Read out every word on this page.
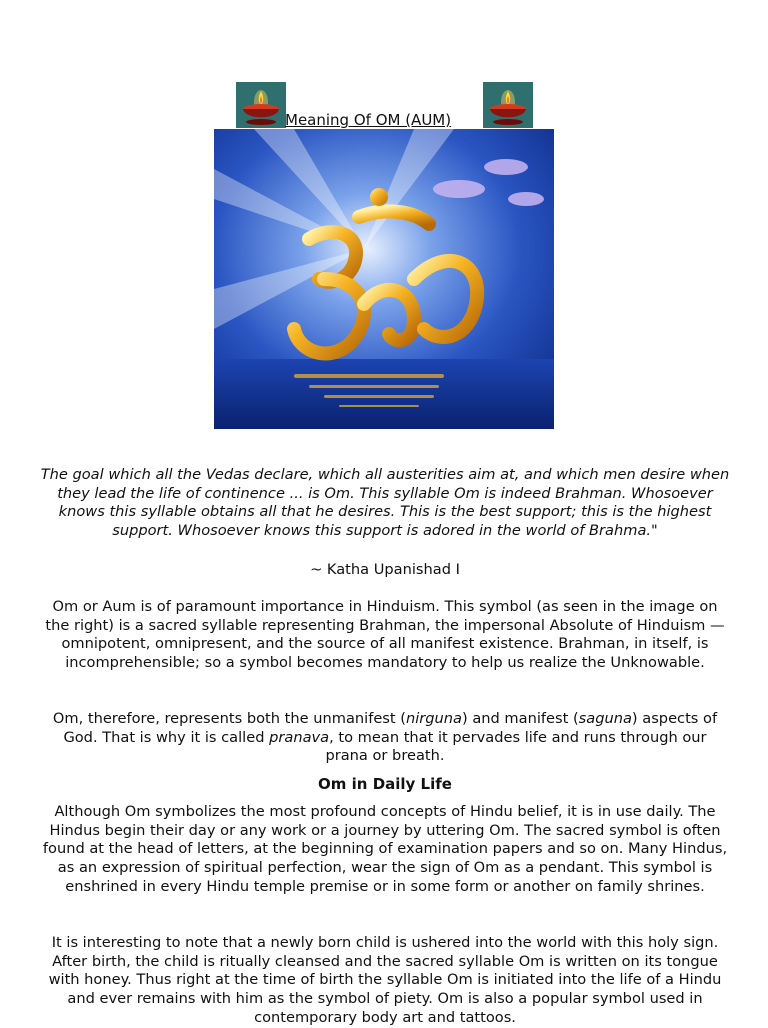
Meaning Of OM (AUM)

The goal which all the Vedas declare, which all austerities aim at, and which men desire when they lead the life of continence ... is Om. This syllable Om is indeed Brahman. Whosoever knows this syllable obtains all that he desires. This is the best support; this is the highest support. Whosoever knows this support is adored in the world of Brahma."

~ Katha Upanishad I

Om or Aum is of paramount importance in Hinduism. This symbol (as seen in the image on the right) is a sacred syllable representing Brahman, the impersonal Absolute of Hinduism — omnipotent, omnipresent, and the source of all manifest existence. Brahman, in itself, is incomprehensible; so a symbol becomes mandatory to help us realize the Unknowable.

Om, therefore, represents both the unmanifest (nirguna) and manifest (saguna) aspects of God. That is why it is called pranava, to mean that it pervades life and runs through our prana or breath.

Om in Daily Life

Although Om symbolizes the most profound concepts of Hindu belief, it is in use daily. The Hindus begin their day or any work or a journey by uttering Om. The sacred symbol is often found at the head of letters, at the beginning of examination papers and so on. Many Hindus, as an expression of spiritual perfection, wear the sign of Om as a pendant. This symbol is enshrined in every Hindu temple premise or in some form or another on family shrines.

It is interesting to note that a newly born child is ushered into the world with this holy sign. After birth, the child is ritually cleansed and the sacred syllable Om is written on its tongue with honey. Thus right at the time of birth the syllable Om is initiated into the life of a Hindu and ever remains with him as the symbol of piety. Om is also a popular symbol used in contemporary body art and tattoos.
